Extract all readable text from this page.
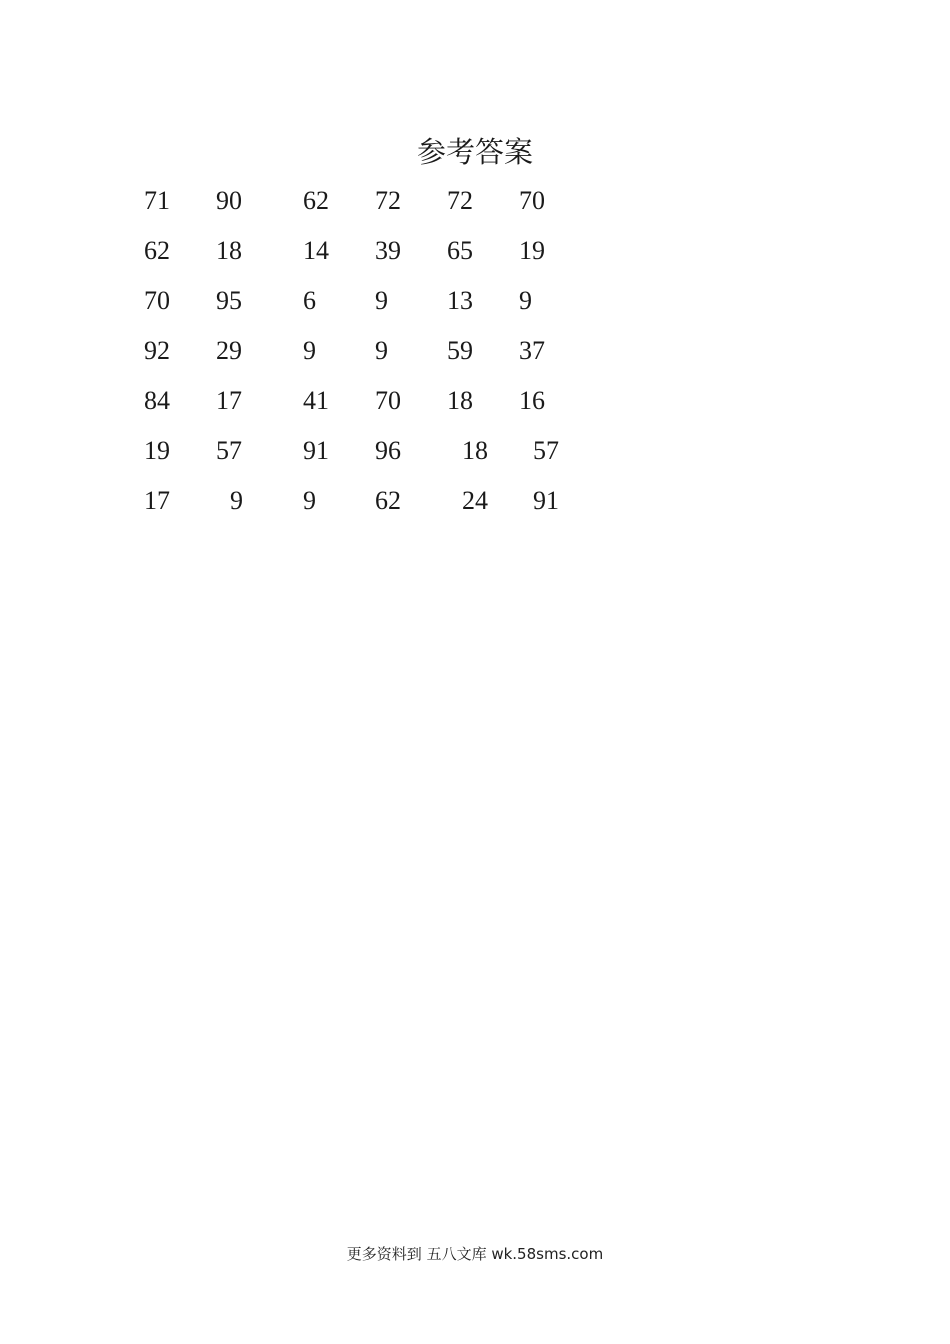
参考答案
71 90 62 72 72 70
62 18 14 39 65 19
70 95 6 9 13 9
92 29 9 9 59 37
84 17 41 70 18 16
19 57 91 96 18 57
17 9 9 62 24 91
更多资料到 五八文库 wk.58sms.com
